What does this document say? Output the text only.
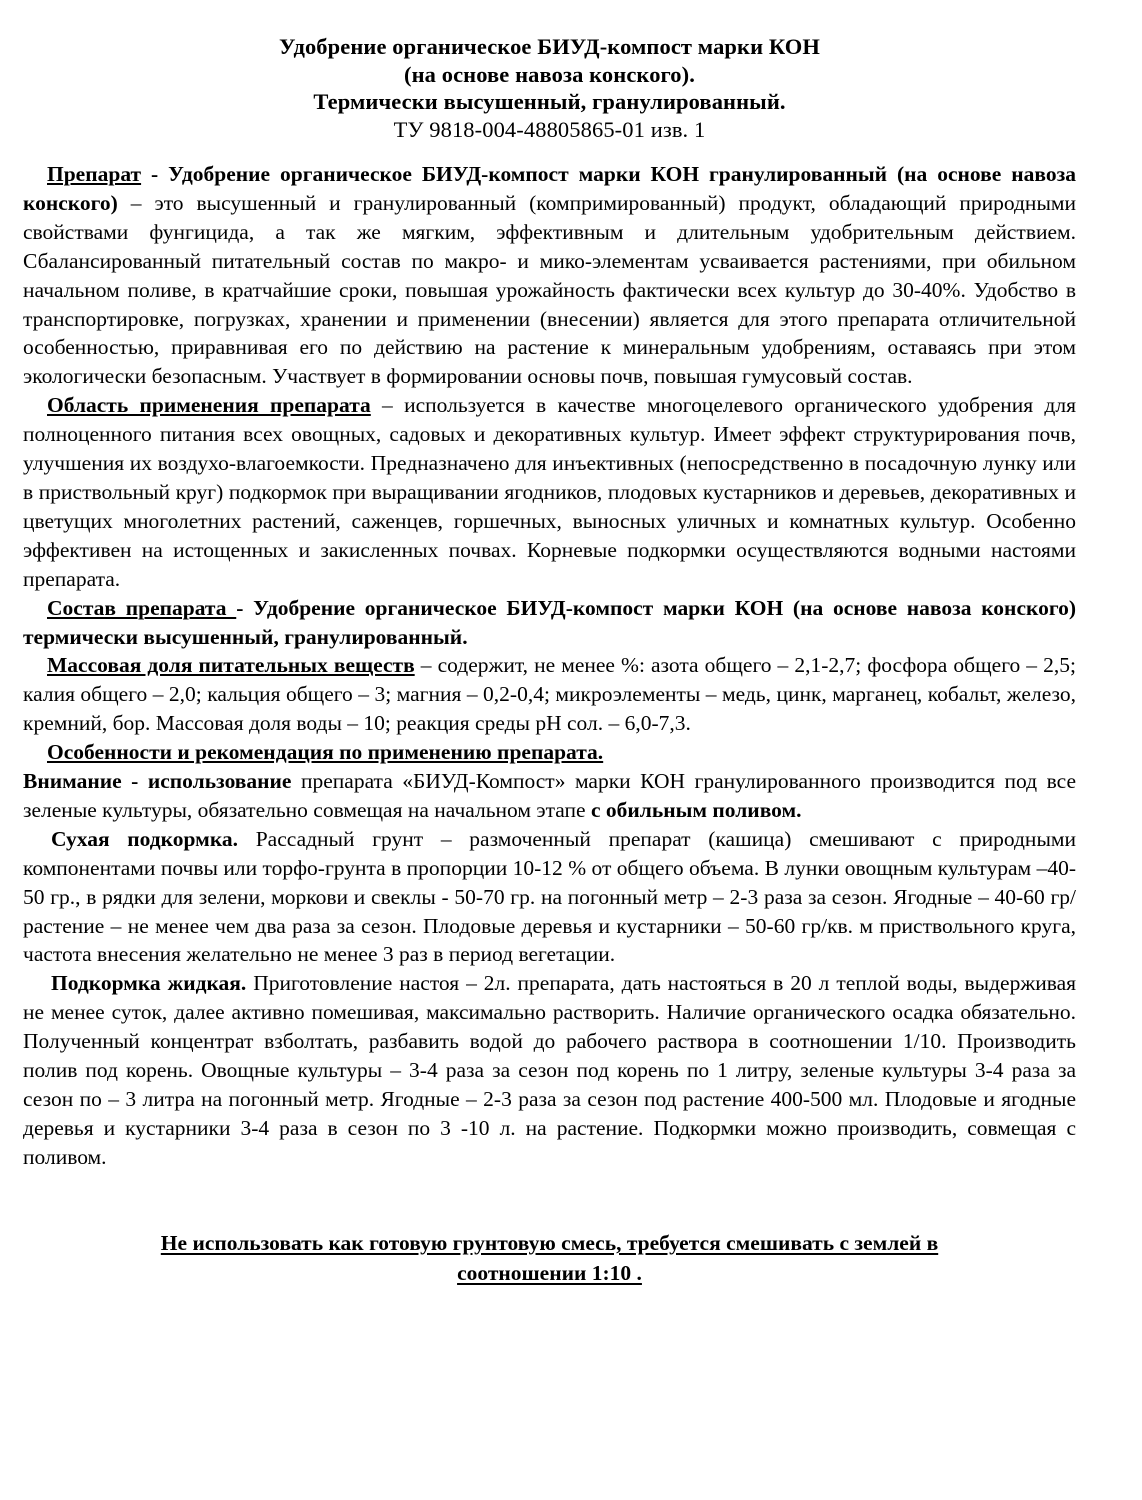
Удобрение органическое БИУД-компост марки КОН
(на основе навоза конского).
Термически высушенный, гранулированный.
ТУ 9818-004-48805865-01 изв. 1

Препарат - Удобрение органическое БИУД-компост марки КОН гранулированный (на основе навоза конского) – это высушенный и гранулированный (компримированный) продукт, обладающий природными свойствами фунгицида, а так же мягким, эффективным и длительным удобрительным действием. Сбалансированный питательный состав по макро- и мико-элементам усваивается растениями, при обильном начальном поливе, в кратчайшие сроки, повышая урожайность фактически всех культур до 30-40%. Удобство в транспортировке, погрузках, хранении и применении (внесении) является для этого препарата отличительной особенностью, приравнивая его по действию на растение к минеральным удобрениям, оставаясь при этом экологически безопасным. Участвует в формировании основы почв, повышая гумусовый состав.

Область применения препарата – используется в качестве многоцелевого органического удобрения для полноценного питания всех овощных, садовых и декоративных культур. Имеет эффект структурирования почв, улучшения их воздухо-влагоемкости. Предназначено для инъективных (непосредственно в посадочную лунку или в приствольный круг) подкормок при выращивании ягодников, плодовых кустарников и деревьев, декоративных и цветущих многолетних растений, саженцев, горшечных, выносных уличных и комнатных культур. Особенно эффективен на истощенных и закисленных почвах. Корневые подкормки осуществляются водными настоями препарата.

Состав препарата - Удобрение органическое БИУД-компост марки КОН (на основе навоза конского) термически высушенный, гранулированный.

Массовая доля питательных веществ – содержит, не менее %: азота общего – 2,1-2,7; фосфора общего – 2,5; калия общего – 2,0; кальция общего – 3; магния – 0,2-0,4; микроэлементы – медь, цинк, марганец, кобальт, железо, кремний, бор. Массовая доля воды – 10; реакция среды pH сол. – 6,0-7,3.

Особенности и рекомендация по применению препарата.

Внимание - использование препарата «БИУД-Компост» марки КОН гранулированного производится под все зеленые культуры, обязательно совмещая на начальном этапе с обильным поливом.

Сухая подкормка. Рассадный грунт – размоченный препарат (кашица) смешивают с природными компонентами почвы или торфо-грунта в пропорции 10-12 % от общего объема. В лунки овощным культурам –40-50 гр., в рядки для зелени, моркови и свеклы - 50-70 гр. на погонный метр – 2-3 раза за сезон. Ягодные – 40-60 гр/растение – не менее чем два раза за сезон. Плодовые деревья и кустарники – 50-60 гр/кв. м приствольного круга, частота внесения желательно не менее 3 раз в период вегетации.

Подкормка жидкая. Приготовление настоя – 2л. препарата, дать настояться в 20 л теплой воды, выдерживая не менее суток, далее активно помешивая, максимально растворить. Наличие органического осадка обязательно. Полученный концентрат взболтать, разбавить водой до рабочего раствора в соотношении 1/10. Производить полив под корень. Овощные культуры – 3-4 раза за сезон под корень по 1 литру, зеленые культуры 3-4 раза за сезон по – 3 литра на погонный метр. Ягодные – 2-3 раза за сезон под растение 400-500 мл. Плодовые и ягодные деревья и кустарники 3-4 раза в сезон по 3 -10 л. на растение. Подкормки можно производить, совмещая с поливом.

Не использовать как готовую грунтовую смесь, требуется смешивать с землей в
соотношении 1:10 .
